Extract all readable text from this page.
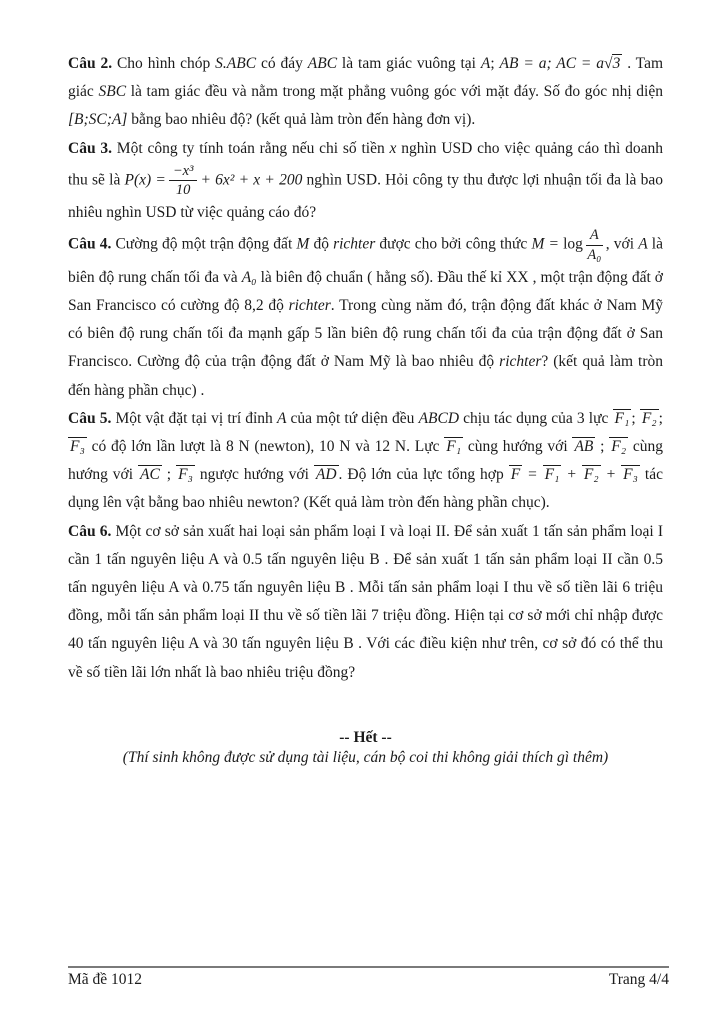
Câu 2. Cho hình chóp S.ABC có đáy ABC là tam giác vuông tại A; AB = a; AC = a√3 . Tam giác SBC là tam giác đều và nằm trong mặt phẳng vuông góc với mặt đáy. Số đo góc nhị diện [B;SC;A] bằng bao nhiêu độ? (kết quả làm tròn đến hàng đơn vị).

Câu 3. Một công ty tính toán rằng nếu chi số tiền x nghìn USD cho việc quảng cáo thì doanh thu sẽ là $P(x) = \frac{\text{−x³}}{10} + 6x^2 + x + 200$ nghìn USD. Hỏi công ty thu được lợi nhuận tối đa là bao nhiêu nghìn USD từ việc quảng cáo đó?

Câu 4. Cường độ một trận động đất M độ richter được cho bởi công thức $M = \log \frac{A}{\text{A₀}}$ , với A là biên độ rung chấn tối đa và A₀ là biên độ chuẩn ( hằng số). Đầu thế kỉ XX , một trận động đất ở San Francisco có cường độ 8,2 độ richter. Trong cùng năm đó, trận động đất khác ở Nam Mỹ có biên độ rung chấn tối đa mạnh gấp 5 lần biên độ rung chấn tối đa của trận động đất ở San Francisco. Cường độ của trận động đất ở Nam Mỹ là bao nhiêu độ richter? (kết quả làm tròn đến hàng phần chục) .

Câu 5. Một vật đặt tại vị trí đỉnh A của một tứ diện đều ABCD chịu tác dụng của 3 lực F₁ ; F₂ ; F₃ có độ lớn lần lượt là 8 N (newton), 10 N và 12 N. Lực F₁ cùng hướng với AB ; F₂ cùng hướng với AC ; F₃ ngược hướng với AD . Độ lớn của lực tổng hợp F = F₁ + F₂ + F₃ tác dụng lên vật bằng bao nhiêu newton? (Kết quả làm tròn đến hàng phần chục).

Câu 6. Một cơ sở sản xuất hai loại sản phẩm loại I và loại II. Để sản xuất 1 tấn sản phẩm loại I cần 1 tấn nguyên liệu A và 0.5 tấn nguyên liệu B . Để sản xuất 1 tấn sản phẩm loại II cần 0.5 tấn nguyên liệu A và 0.75 tấn nguyên liệu B . Mỗi tấn sản phẩm loại I thu về số tiền lãi 6 triệu đồng, mỗi tấn sản phẩm loại II thu về số tiền lãi 7 triệu đồng. Hiện tại cơ sở mới chỉ nhập được 40 tấn nguyên liệu A và 30 tấn nguyên liệu B . Với các điều kiện như trên, cơ sở đó có thể thu về số tiền lãi lớn nhất là bao nhiêu triệu đồng?

-- Hết --

(Thí sinh không được sử dụng tài liệu, cán bộ coi thi không giải thích gì thêm)

Mã đề 1012	Trang 4/4
